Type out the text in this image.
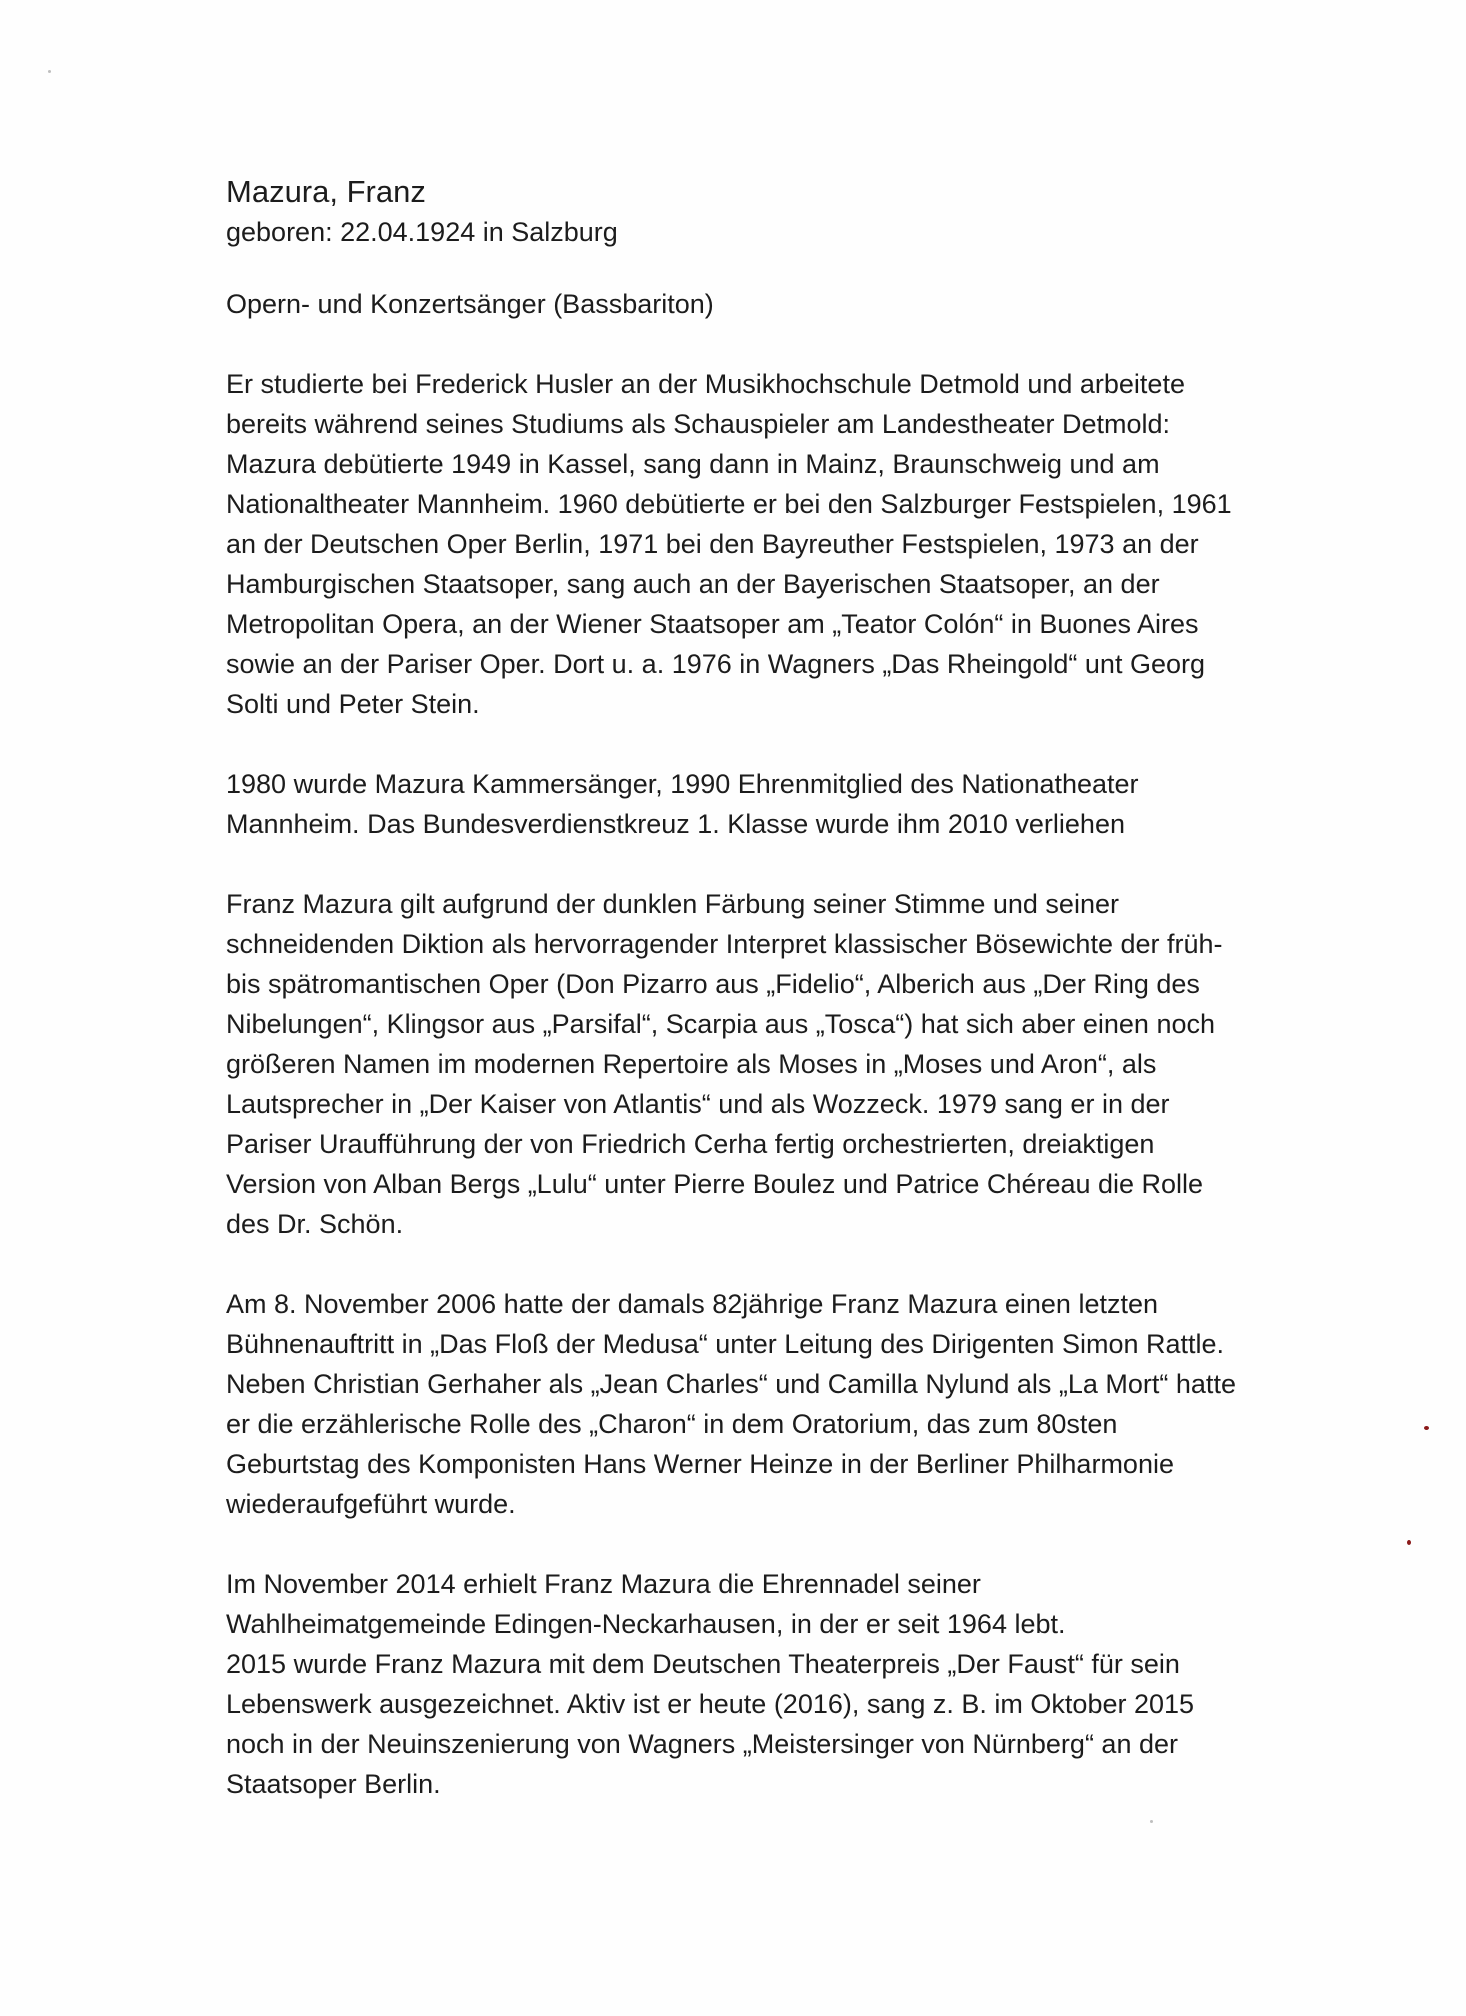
Mazura, Franz

geboren: 22.04.1924 in Salzburg

Opern- und Konzertsänger (Bassbariton)

Er studierte bei Frederick Husler an der Musikhochschule Detmold und arbeitete
bereits während seines Studiums als Schauspieler am Landestheater Detmold:
Mazura debütierte 1949 in Kassel, sang dann in Mainz, Braunschweig und am
Nationaltheater Mannheim. 1960 debütierte er bei den Salzburger Festspielen, 1961
an der Deutschen Oper Berlin, 1971 bei den Bayreuther Festspielen, 1973 an der
Hamburgischen Staatsoper, sang auch an der Bayerischen Staatsoper, an der
Metropolitan Opera, an der Wiener Staatsoper am „Teator Colón“ in Buones Aires
sowie an der Pariser Oper. Dort u. a. 1976 in Wagners „Das Rheingold“ unt Georg
Solti und Peter Stein.
1980 wurde Mazura Kammersänger, 1990 Ehrenmitglied des Nationatheater
Mannheim. Das Bundesverdienstkreuz 1. Klasse wurde ihm 2010 verliehen
Franz Mazura gilt aufgrund der dunklen Färbung seiner Stimme und seiner
schneidenden Diktion als hervorragender Interpret klassischer Bösewichte der früh-
bis spätromantischen Oper (Don Pizarro aus „Fidelio“, Alberich aus „Der Ring des
Nibelungen“, Klingsor aus „Parsifal“, Scarpia aus „Tosca“) hat sich aber einen noch
größeren Namen im modernen Repertoire als Moses in „Moses und Aron“, als
Lautsprecher in „Der Kaiser von Atlantis“ und als Wozzeck. 1979 sang er in der
Pariser Uraufführung der von Friedrich Cerha fertig orchestrierten, dreiaktigen
Version von Alban Bergs „Lulu“ unter Pierre Boulez und Patrice Chéreau die Rolle
des Dr. Schön.
Am 8. November 2006 hatte der damals 82jährige Franz Mazura einen letzten
Bühnenauftritt in „Das Floß der Medusa“ unter Leitung des Dirigenten Simon Rattle.
Neben Christian Gerhaher als „Jean Charles“ und Camilla Nylund als „La Mort“ hatte
er die erzählerische Rolle des „Charon“ in dem Oratorium, das zum 80sten
Geburtstag des Komponisten Hans Werner Heinze in der Berliner Philharmonie
wiederaufgeführt wurde.
Im November 2014 erhielt Franz Mazura die Ehrennadel seiner
Wahlheimatgemeinde Edingen-Neckarhausen, in der er seit 1964 lebt.
2015 wurde Franz Mazura mit dem Deutschen Theaterpreis „Der Faust“ für sein
Lebenswerk ausgezeichnet. Aktiv ist er heute (2016), sang z. B. im Oktober 2015
noch in der Neuinszenierung von Wagners „Meistersinger von Nürnberg“ an der
Staatsoper Berlin.
